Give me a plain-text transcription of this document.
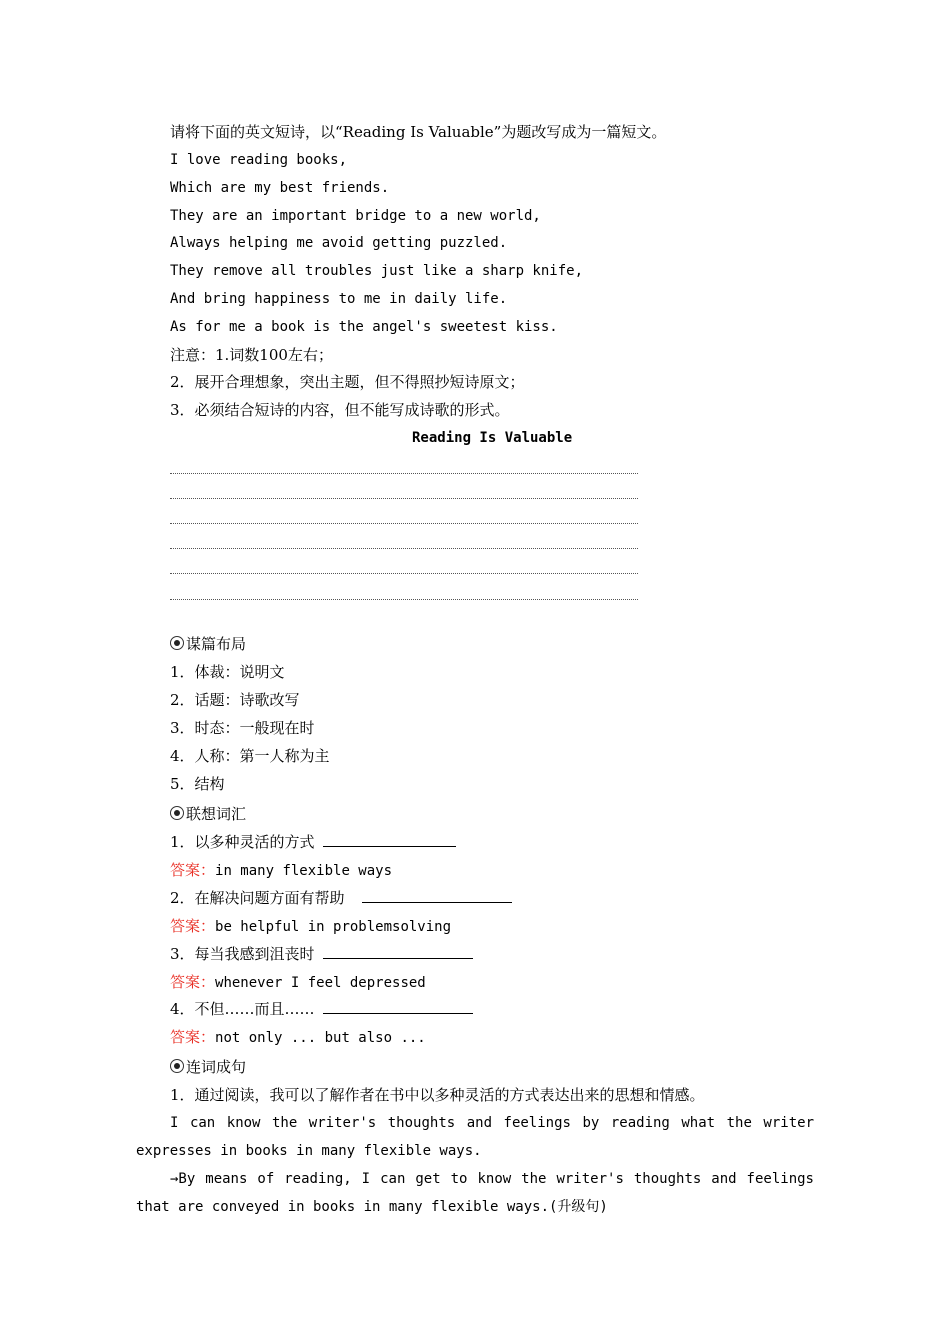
请将下面的英文短诗，以“Reading Is Valuable”为题改写成为一篇短文。
I love reading books,
Which are my best friends.
They are an important bridge to a new world,
Always helping me avoid getting puzzled.
They remove all troubles just like a sharp knife,
And bring happiness to me in daily life.
As for me a book is the angel's sweetest kiss.
注意：1.词数100左右；
2．展开合理想象，突出主题，但不得照抄短诗原文；
3．必须结合短诗的内容，但不能写成诗歌的形式。
Reading Is Valuable
谋篇布局
1．体裁：说明文
2．话题：诗歌改写
3．时态：一般现在时
4．人称：第一人称为主
5．结构
联想词汇
1．以多种灵活的方式
答案：in many flexible ways
2．在解决问题方面有帮助
答案：be helpful in problemsolving
3．每当我感到沮丧时
答案：whenever I feel depressed
4．不但……而且……
答案：not only ... but also ...
连词成句
1．通过阅读，我可以了解作者在书中以多种灵活的方式表达出来的思想和情感。
I can know the writer's thoughts and feelings by reading what the writer expresses in books in many flexible ways.
→By means of reading, I can get to know the writer's thoughts and feelings that are conveyed in books in many flexible ways.(升级句)
